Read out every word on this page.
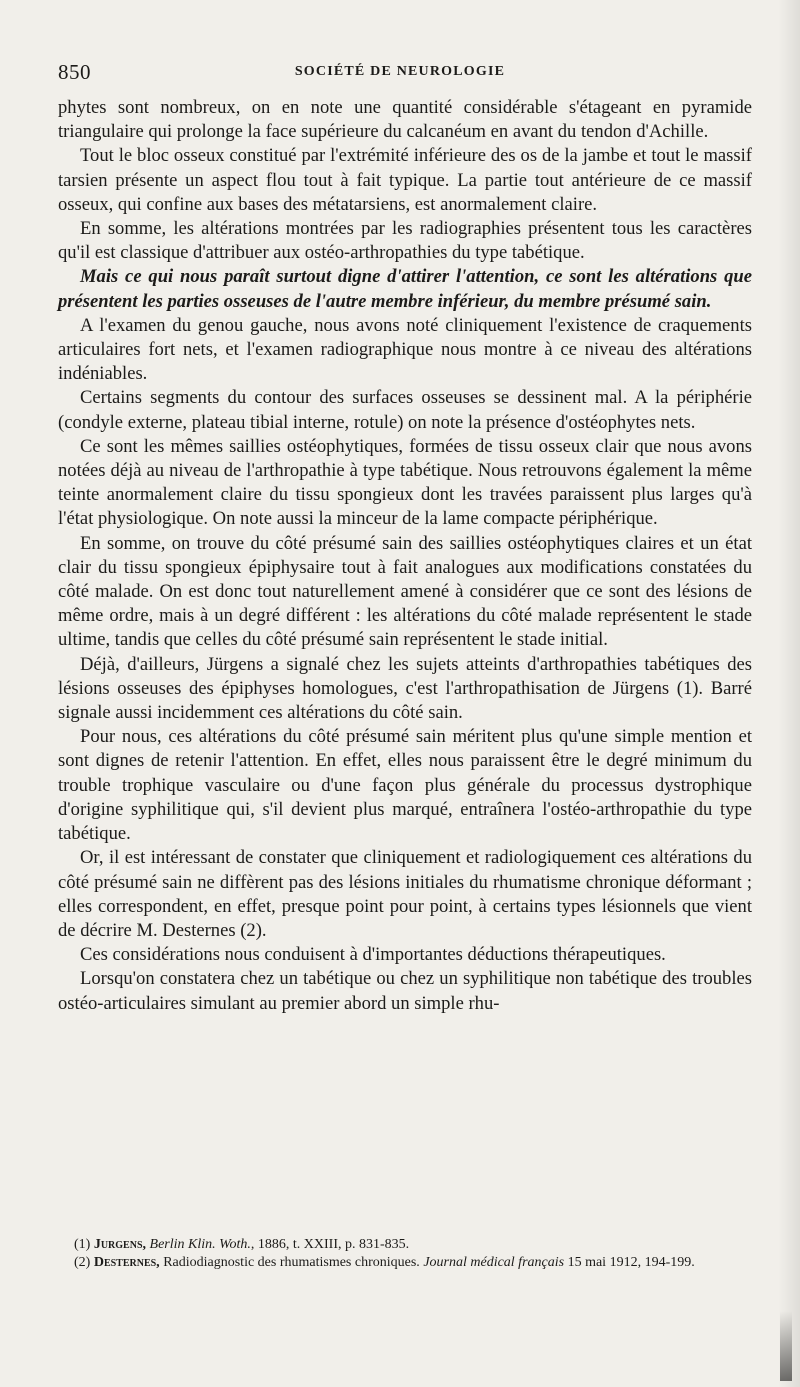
850	SOCIÉTÉ DE NEUROLOGIE

phytes sont nombreux, on en note une quantité considérable s'étageant en pyramide triangulaire qui prolonge la face supérieure du calcanéum en avant du tendon d'Achille.

Tout le bloc osseux constitué par l'extrémité inférieure des os de la jambe et tout le massif tarsien présente un aspect flou tout à fait typique. La partie tout antérieure de ce massif osseux, qui confine aux bases des métatarsiens, est anormalement claire.

En somme, les altérations montrées par les radiographies présentent tous les caractères qu'il est classique d'attribuer aux ostéo-arthropathies du type tabétique.

Mais ce qui nous paraît surtout digne d'attirer l'attention, ce sont les altérations que présentent les parties osseuses de l'autre membre inférieur, du membre présumé sain.

A l'examen du genou gauche, nous avons noté cliniquement l'existence de craquements articulaires fort nets, et l'examen radiographique nous montre à ce niveau des altérations indéniables.

Certains segments du contour des surfaces osseuses se dessinent mal. A la périphérie (condyle externe, plateau tibial interne, rotule) on note la présence d'ostéophytes nets.

Ce sont les mêmes saillies ostéophytiques, formées de tissu osseux clair que nous avons notées déjà au niveau de l'arthropathie à type tabétique. Nous retrouvons également la même teinte anormalement claire du tissu spongieux dont les travées paraissent plus larges qu'à l'état physiologique. On note aussi la minceur de la lame compacte périphérique.

En somme, on trouve du côté présumé sain des saillies ostéophytiques claires et un état clair du tissu spongieux épiphysaire tout à fait analogues aux modifications constatées du côté malade. On est donc tout naturellement amené à considérer que ce sont des lésions de même ordre, mais à un degré différent : les altérations du côté malade représentent le stade ultime, tandis que celles du côté présumé sain représentent le stade initial.

Déjà, d'ailleurs, Jürgens a signalé chez les sujets atteints d'arthropathies tabétiques des lésions osseuses des épiphyses homologues, c'est l'arthropathisation de Jürgens (1). Barré signale aussi incidemment ces altérations du côté sain.

Pour nous, ces altérations du côté présumé sain méritent plus qu'une simple mention et sont dignes de retenir l'attention. En effet, elles nous paraissent être le degré minimum du trouble trophique vasculaire ou d'une façon plus générale du processus dystrophique d'origine syphilitique qui, s'il devient plus marqué, entraînera l'ostéo-arthropathie du type tabétique.

Or, il est intéressant de constater que cliniquement et radiologiquement ces altérations du côté présumé sain ne diffèrent pas des lésions initiales du rhumatisme chronique déformant ; elles correspondent, en effet, presque point pour point, à certains types lésionnels que vient de décrire M. Desternes (2).

Ces considérations nous conduisent à d'importantes déductions thérapeutiques.

Lorsqu'on constatera chez un tabétique ou chez un syphilitique non tabétique des troubles ostéo-articulaires simulant au premier abord un simple rhu-

(1) Jurgens, Berlin Klin. Woth., 1886, t. XXIII, p. 831-835.

(2) Desternes, Radiodiagnostic des rhumatismes chroniques. Journal médical français 15 mai 1912, 194-199.
